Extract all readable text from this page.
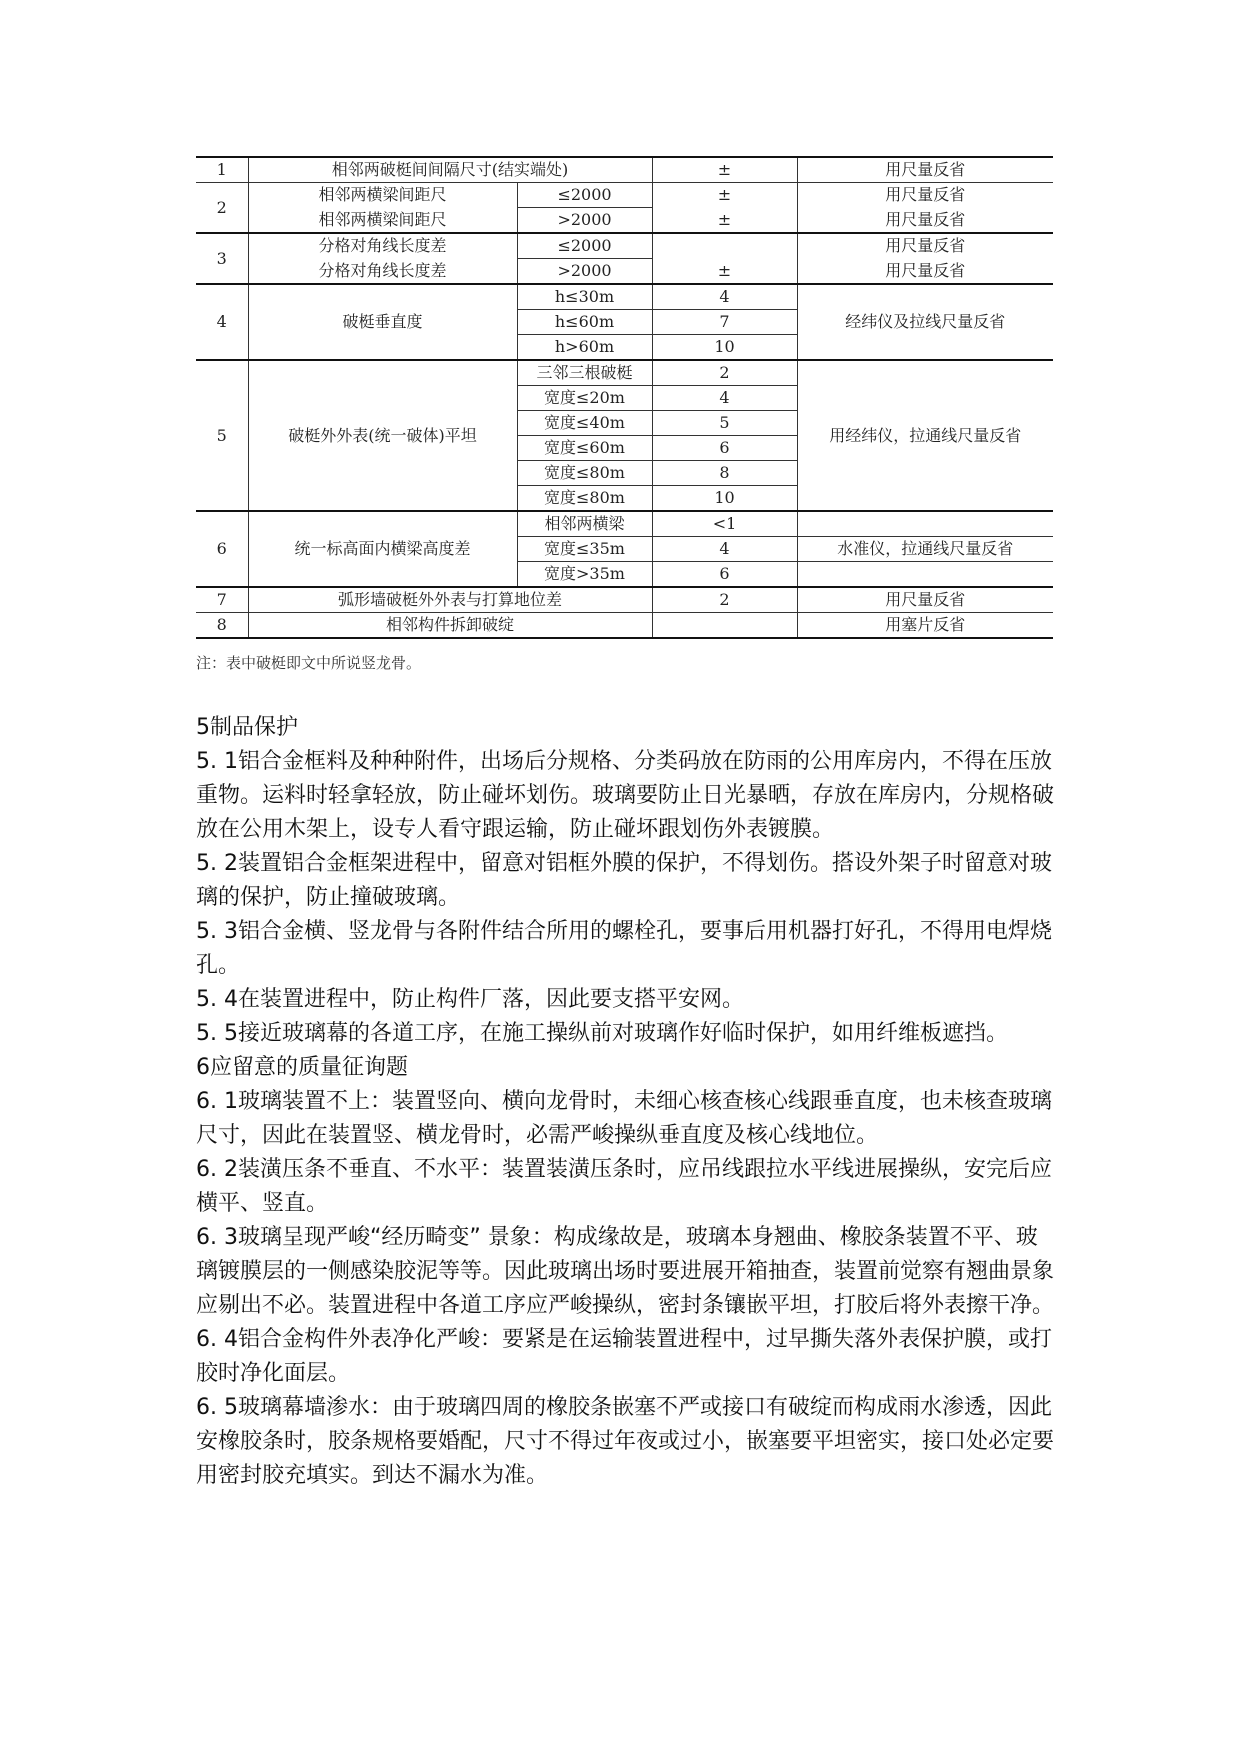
1	相邻两破梃间间隔尺寸(结实端处)		±	用尺量反省
2	相邻两横梁间距尺	≤2000	±	用尺量反省
	相邻两横梁间距尺	>2000	±	用尺量反省
3	分格对角线长度差	≤2000		用尺量反省
	分格对角线长度差	>2000	±	用尺量反省
4	破梃垂直度	h≤30m	4	经纬仪及拉线尺量反省
		h≤60m	7	
		h>60m	10	
5	破梃外外表(统一破体)平坦	三邻三根破梃	2	用经纬仪，拉通线尺量反省
		宽度≤20m	4	
		宽度≤40m	5	
		宽度≤60m	6	
		宽度≤80m	8	
		宽度≤80m	10	
6	统一标高面内横梁高度差	相邻两横梁	<1	
		宽度≤35m	4	水准仪，拉通线尺量反省
		宽度>35m	6	
7	弧形墙破梃外外表与打算地位差		2	用尺量反省
8	相邻构件拆卸破绽			用塞片反省
注：表中破梃即文中所说竖龙骨。

5制品保护

5. 1铝合金框料及种种附件，出场后分规格、分类码放在防雨的公用库房内，不得在压放重物。运料时轻拿轻放，防止碰坏划伤。玻璃要防止日光暴晒，存放在库房内，分规格破放在公用木架上，设专人看守跟运输，防止碰坏跟划伤外表镀膜。

5. 2装置铝合金框架进程中，留意对铝框外膜的保护，不得划伤。搭设外架子时留意对玻璃的保护，防止撞破玻璃。

5. 3铝合金横、竖龙骨与各附件结合所用的螺栓孔，要事后用机器打好孔，不得用电焊烧孔。

5. 4在装置进程中，防止构件厂落，因此要支搭平安网。

5. 5接近玻璃幕的各道工序，在施工操纵前对玻璃作好临时保护，如用纤维板遮挡。

6应留意的质量征询题

6. 1玻璃装置不上：装置竖向、横向龙骨时，未细心核查核心线跟垂直度，也未核查玻璃尺寸，因此在装置竖、横龙骨时，必需严峻操纵垂直度及核心线地位。

6. 2装潢压条不垂直、不水平：装置装潢压条时，应吊线跟拉水平线进展操纵，安完后应横平、竖直。

6. 3玻璃呈现严峻“经历畸变” 景象：构成缘故是，玻璃本身翘曲、橡胶条装置不平、玻璃镀膜层的一侧感染胶泥等等。因此玻璃出场时要进展开箱抽查，装置前觉察有翘曲景象应剔出不必。装置进程中各道工序应严峻操纵，密封条镶嵌平坦，打胶后将外表擦干净。

6. 4铝合金构件外表净化严峻：要紧是在运输装置进程中，过早撕失落外表保护膜，或打胶时净化面层。

6. 5玻璃幕墙渗水：由于玻璃四周的橡胶条嵌塞不严或接口有破绽而构成雨水渗透，因此安橡胶条时，胶条规格要婚配，尺寸不得过年夜或过小，嵌塞要平坦密实，接口处必定要用密封胶充填实。到达不漏水为准。
